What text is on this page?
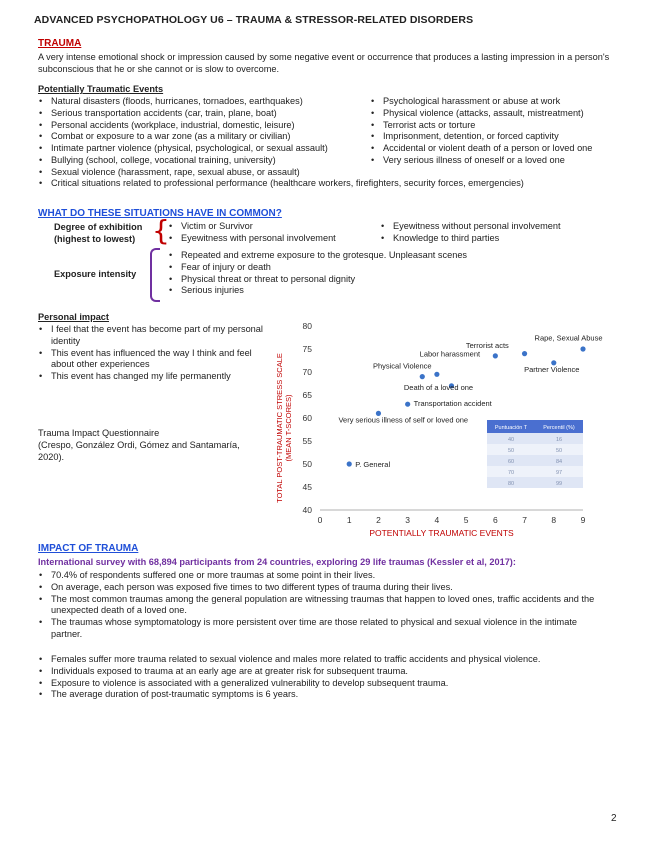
ADVANCED PSYCHOPATHOLOGY U6 – TRAUMA & STRESSOR-RELATED DISORDERS
TRAUMA
A very intense emotional shock or impression caused by some negative event or occurrence that produces a lasting impression in a person's subconscious that he or she cannot or is slow to overcome.
Potentially Traumatic Events
• Natural disasters (floods, hurricanes, tornadoes, earthquakes)
• Serious transportation accidents (car, train, plane, boat)
• Personal accidents (workplace, industrial, domestic, leisure)
• Combat or exposure to a war zone (as a military or civilian)
• Intimate partner violence (physical, psychological, or sexual assault)
• Bullying (school, college, vocational training, university)
• Sexual violence (harassment, rape, sexual abuse, or assault)
• Critical situations related to professional performance (healthcare workers, firefighters, security forces, emergencies)
• Psychological harassment or abuse at work
• Physical violence (attacks, assault, mistreatment)
• Terrorist acts or torture
• Imprisonment, detention, or forced captivity
• Accidental or violent death of a person or loved one
• Very serious illness of oneself or a loved one
WHAT DO THESE SITUATIONS HAVE IN COMMON?
Degree of exhibition
(highest to lowest) {	• Victim or Survivor
• Eyewitness with personal involvement
• Eyewitness without personal involvement
• Knowledge to third parties
Exposure intensity
• Repeated and extreme exposure to the grotesque. Unpleasant scenes
• Fear of injury or death
• Physical threat or threat to personal dignity
• Serious injuries
Personal impact
• I feel that the event has become part of my personal identity
• This event has influenced the way I think and feel about other experiences
• This event has changed my life permanently
Trauma Impact Questionnaire
(Crespo, González Ordi, Gómez and Santamaría, 2020).
40
45
50
55
60
65
70
75
80
0	1	2	3	4	5	6	7	8	9
POTENTIALLY TRAUMATIC EVENTS
TOTAL POST-TRAUMATIC STRESS SCALE (MEAN T-SCORES)	Puntuación T	Percentil (%)
40	16
50	50
60	84
70	97
80	99
P. General
Very serious illness of self or loved one
Transportation accident
Physical Violence
Labor harassment
Death of a loved one
Terrorist acts
Rape, Sexual Abuse
Partner Violence
IMPACT OF TRAUMA
International survey with 68,894 participants from 24 countries, exploring 29 life traumas (Kessler et al, 2017):
• 70.4% of respondents suffered one or more traumas at some point in their lives.
• On average, each person was exposed five times to two different types of trauma during their lives.
• The most common traumas among the general population are witnessing traumas that happen to loved ones, traffic accidents and the unexpected death of a loved one.
• The traumas whose symptomatology is more persistent over time are those related to physical and sexual violence in the intimate partner.
• Females suffer more trauma related to sexual violence and males more related to traffic accidents and physical violence.
• Individuals exposed to trauma at an early age are at greater risk for subsequent trauma.
• Exposure to violence is associated with a generalized vulnerability to develop subsequent trauma.
• The average duration of post-traumatic symptoms is 6 years.
2
